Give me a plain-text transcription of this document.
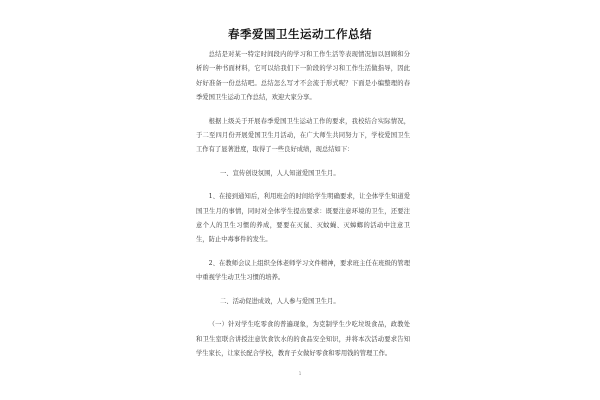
春季爱国卫生运动工作总结

总结是对某一特定时间段内的学习和工作生活等表现情况加以回顾和分析的一种书面材料，它可以给我们下一阶段的学习和工作生活做指导，因此好好准备一份总结吧。总结怎么写才不会流于形式呢？下面是小编整理的春季爱国卫生运动工作总结，欢迎大家分享。

根据上级关于开展春季爱国卫生运动工作的要求，我校结合实际情况，于二至四月份开展爱国卫生月活动，在广大师生共同努力下，学校爱国卫生工作有了显著进度，取得了一些良好成绩，现总结如下：

一、宣传创设氛围，人人知道爱国卫生月。

1、在接到通知后，利用班会的时间给学生明确要求，让全体学生知道爱国卫生月的事情，同时对全体学生提出要求：既要注意环境的卫生，还要注意个人的卫生习惯的养成，要要在灭鼠、灭蚊蝇、灭蟑螂的活动中注意卫生，防止中毒事件的发生。

2、在教师会议上组织全体老师学习文件精神，要求班主任在班级的管理中重视学生动卫生习惯的培养。

二、活动促进成效，人人参与爱国卫生月。

（一）针对学生吃零食的普遍现象，为克制学生少吃垃圾食品，政教处和卫生室联合讲授注意饮食饮水的的食品安全知识，并将本次活动要求告知学生家长，让家长配合学校，教育子女做好零食和零用钱的管理工作。

1
